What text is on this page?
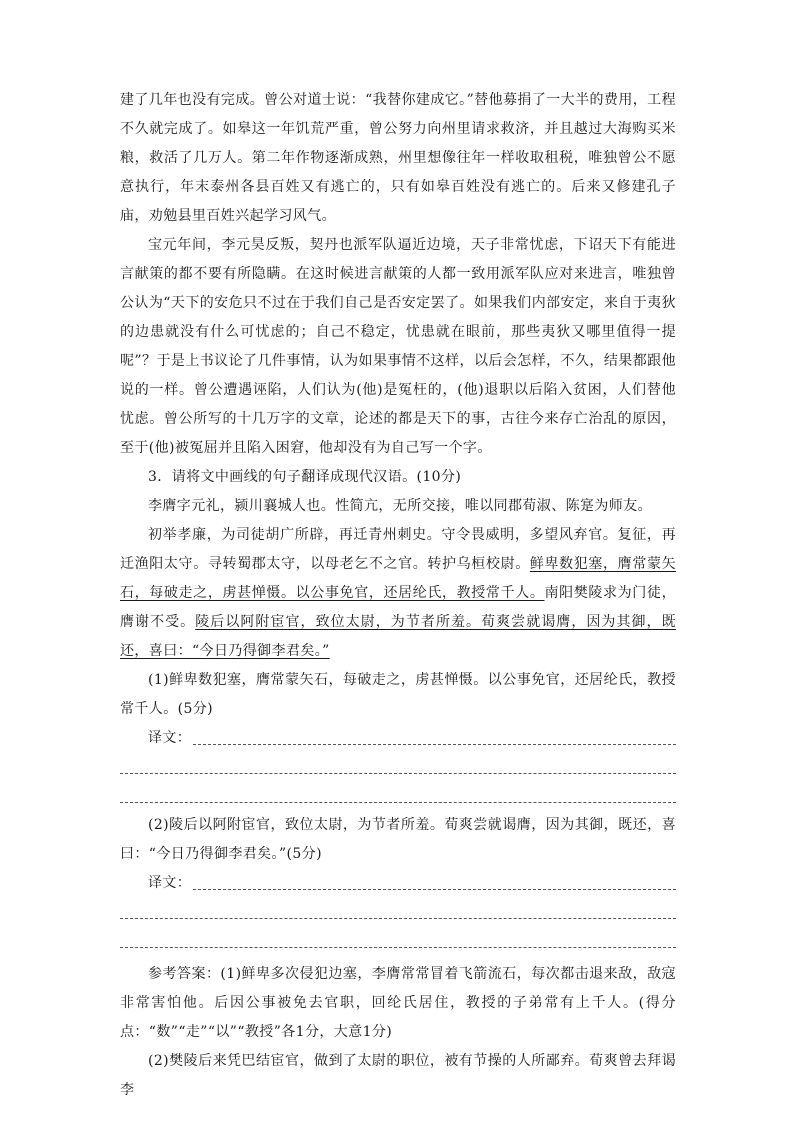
建了几年也没有完成。曾公对道士说：“我替你建成它。”替他募捐了一大半的费用，工程不久就完成了。如皋这一年饥荒严重，曾公努力向州里请求救济，并且越过大海购买米粮，救活了几万人。第二年作物逐渐成熟，州里想像往年一样收取租税，唯独曾公不愿意执行，年末泰州各县百姓又有逃亡的，只有如皋百姓没有逃亡的。后来又修建孔子庙，劝勉县里百姓兴起学习风气。

宝元年间，李元昊反叛，契丹也派军队逼近边境，天子非常忧虑，下诏天下有能进言献策的都不要有所隐瞒。在这时候进言献策的人都一致用派军队应对来进言，唯独曾公认为“天下的安危只不过在于我们自己是否安定罢了。如果我们内部安定，来自于夷狄的边患就没有什么可忧虑的；自己不稳定，忧患就在眼前，那些夷狄又哪里值得一提呢”？于是上书议论了几件事情，认为如果事情不这样，以后会怎样，不久，结果都跟他说的一样。曾公遭遇诬陷，人们认为(他)是冤枉的，(他)退职以后陷入贫困，人们替他忧虑。曾公所写的十几万字的文章，论述的都是天下的事，古往今来存亡治乱的原因，至于(他)被冤屈并且陷入困窘，他却没有为自己写一个字。

3．请将文中画线的句子翻译成现代汉语。(10分)

李膺字元礼，颍川襄城人也。性简亢，无所交接，唯以同郡荀淑、陈寔为师友。

初举孝廉，为司徒胡广所辟，再迁青州刺史。守令畏威明，多望风弃官。复征，再迁渔阳太守。寻转蜀郡太守，以母老乞不之官。转护乌桓校尉。鲜卑数犯塞，膺常蒙矢石，每破走之，虏甚惮慑。以公事免官，还居纶氏，教授常千人。南阳樊陵求为门徒，膺谢不受。陵后以阿附宦官，致位太尉，为节者所羞。荀爽尝就谒膺，因为其御，既还，喜曰：“今日乃得御李君矣。”

(1)鲜卑数犯塞，膺常蒙矢石，每破走之，虏甚惮慑。以公事免官，还居纶氏，教授常千人。(5分)

译文：

(2)陵后以阿附宦官，致位太尉，为节者所羞。荀爽尝就谒膺，因为其御，既还，喜曰：“今日乃得御李君矣。”(5分)

译文：

参考答案：(1)鲜卑多次侵犯边塞，李膺常常冒着飞箭流石，每次都击退来敌，敌寇非常害怕他。后因公事被免去官职，回纶氏居住，教授的子弟常有上千人。(得分点：“数”“走”“以”“教授”各1分，大意1分)

(2)樊陵后来凭巴结宦官，做到了太尉的职位，被有节操的人所鄙弃。荀爽曾去拜谒李
